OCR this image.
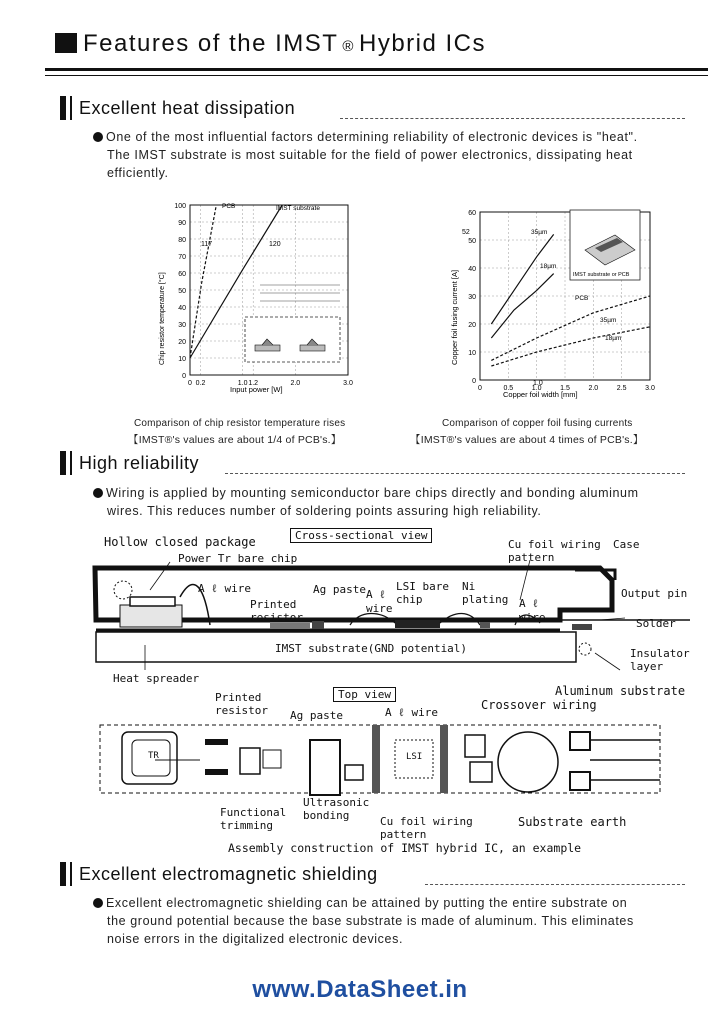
Features of the IMST ® Hybrid ICs
Excellent heat dissipation
One of the most influential factors determining reliability of electronic devices is "heat".
The IMST substrate is most suitable for the field of power electronics, dissipating heat
efficiently.
0
10
20
30
40
50
60
70
80
90
100
0 0.2	1.0 1.2	2.0	3.0
Input power [W]
Chip resistor temperature [°C]
PCB	IMST substrate
117	120
Comparison of chip resistor temperature rises
【IMST®'s values are about 1/4 of PCB's.】
0
10
20
30
40
50
60
0	0.5	1.0	1.5	2.0	2.5	3.0
Copper foil width [mm]
Copper foil fusing current [A]
52
1.0
35µm
18µm
PCB
35µm
18µm
IMST substrate or PCB
Comparison of copper foil fusing currents
【IMST®'s values are about 4 times of PCB's.】
High reliability
Wiring is applied by mounting semiconductor bare chips directly and bonding aluminum
wires. This reduces number of soldering points assuring high reliability.
Cross-sectional view
Hollow closed package
Power Tr bare chip
A ℓ wire
Printed resistor
Ag paste A ℓ wire
LSI bare chip
Ni plating A ℓ wire
Cu foil wiring pattern
Case
Output pin
Solder
Insulator layer
IMST substrate(GND potential)
Heat spreader
Aluminum substrate
Top view
TR	LSI
Printed resistor Ag paste	A ℓ wire
Crossover wiring
Functional trimming
Ultrasonic bonding	Cu foil wiring pattern
Substrate earth
Assembly construction of IMST hybrid IC, an example
Excellent electromagnetic shielding
Excellent electromagnetic shielding can be attained by putting the entire substrate on
the ground potential because the base substrate is made of aluminum. This eliminates
noise errors in the digitalized electronic devices.
www.DataSheet.in
